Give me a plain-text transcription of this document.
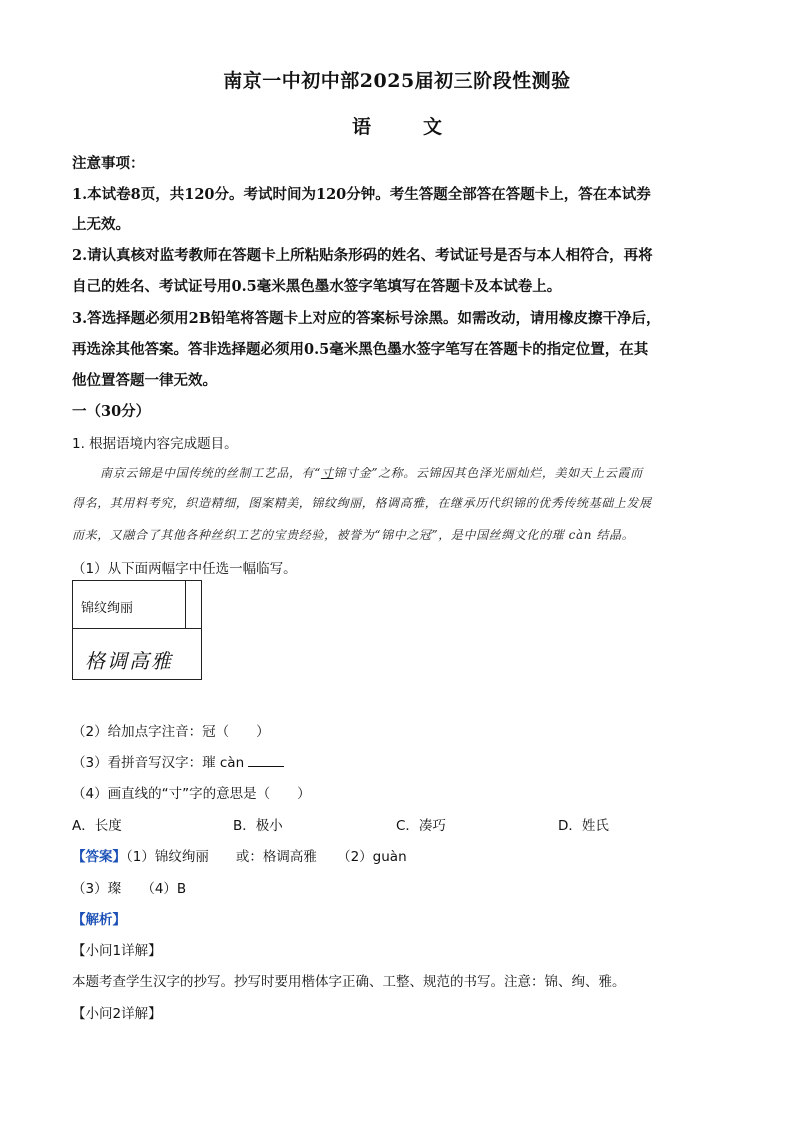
南京一中初中部2025届初三阶段性测验
语	文
注意事项：
1.本试卷8页，共120分。考试时间为120分钟。考生答题全部答在答题卡上，答在本试券
上无效。
2.请认真核对监考教师在答题卡上所粘贴条形码的姓名、考试证号是否与本人相符合，再将
自己的姓名、考试证号用0.5毫米黑色墨水签字笔填写在答题卡及本试卷上。
3.答选择题必须用2B铅笔将答题卡上对应的答案标号涂黑。如需改动，请用橡皮擦干净后，
再选涂其他答案。答非选择题必须用0.5毫米黑色墨水签字笔写在答题卡的指定位置，在其
他位置答题一律无效。
一（30分）
1. 根据语境内容完成题目。
南京云锦是中国传统的丝制工艺品，有“寸锦寸金”之称。云锦因其色泽光丽灿烂，美如天上云霞而
得名，其用料考究，织造精细，图案精美，锦纹绚丽，格调高雅，在继承历代织锦的优秀传统基础上发展
而来，又融合了其他各种丝织工艺的宝贵经验，被誉为“锦中之冠”，是中国丝绸文化的璀 càn 结晶。
（1）从下面两幅字中任选一幅临写。
锦纹绚丽
格调高雅
（2）给加点字注音：冠（　　）
（3）看拼音写汉字：璀 càn
（4）画直线的“寸”字的意思是（　　）
A．长度	B．极小	C．凑巧	D．姓氏
【答案】（1）锦纹绚丽　　或：格调高雅　　（2）guàn
（3）璨　　（4）B
【解析】
【小问1详解】
本题考查学生汉字的抄写。抄写时要用楷体字正确、工整、规范的书写。注意：锦、绚、雅。
【小问2详解】
